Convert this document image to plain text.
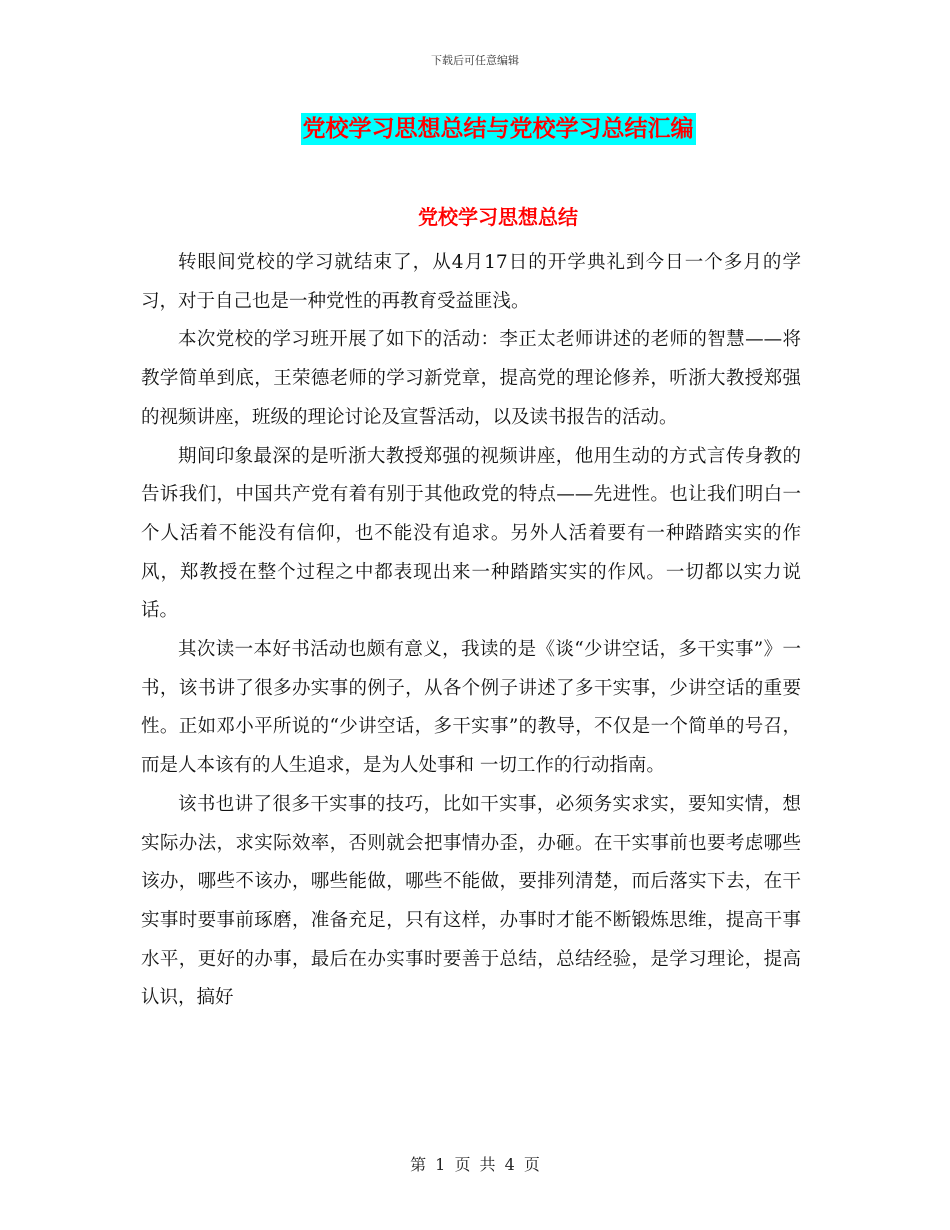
下载后可任意编辑
党校学习思想总结与党校学习总结汇编
党校学习思想总结

转眼间党校的学习就结束了，从4月17日的开学典礼到今日一个多月的学习，对于自己也是一种党性的再教育受益匪浅。

本次党校的学习班开展了如下的活动：李正太老师讲述的老师的智慧——将教学简单到底，王荣德老师的学习新党章，提高党的理论修养，听浙大教授郑强的视频讲座，班级的理论讨论及宣誓活动，以及读书报告的活动。

期间印象最深的是听浙大教授郑强的视频讲座，他用生动的方式言传身教的告诉我们，中国共产党有着有别于其他政党的特点——先进性。也让我们明白一个人活着不能没有信仰，也不能没有追求。另外人活着要有一种踏踏实实的作风，郑教授在整个过程之中都表现出来一种踏踏实实的作风。一切都以实力说话。

其次读一本好书活动也颇有意义，我读的是《谈“少讲空话，多干实事”》一书，该书讲了很多办实事的例子，从各个例子讲述了多干实事，少讲空话的重要性。正如邓小平所说的“少讲空话，多干实事”的教导，不仅是一个简单的号召，而是人本该有的人生追求，是为人处事和 一切工作的行动指南。

该书也讲了很多干实事的技巧，比如干实事，必须务实求实，要知实情，想实际办法，求实际效率，否则就会把事情办歪，办砸。在干实事前也要考虑哪些该办，哪些不该办，哪些能做，哪些不能做，要排列清楚，而后落实下去，在干实事时要事前琢磨，准备充足，只有这样，办事时才能不断锻炼思维，提高干事水平，更好的办事，最后在办实事时要善于总结，总结经验，是学习理论，提高认识，搞好

第 1 页 共 4 页
